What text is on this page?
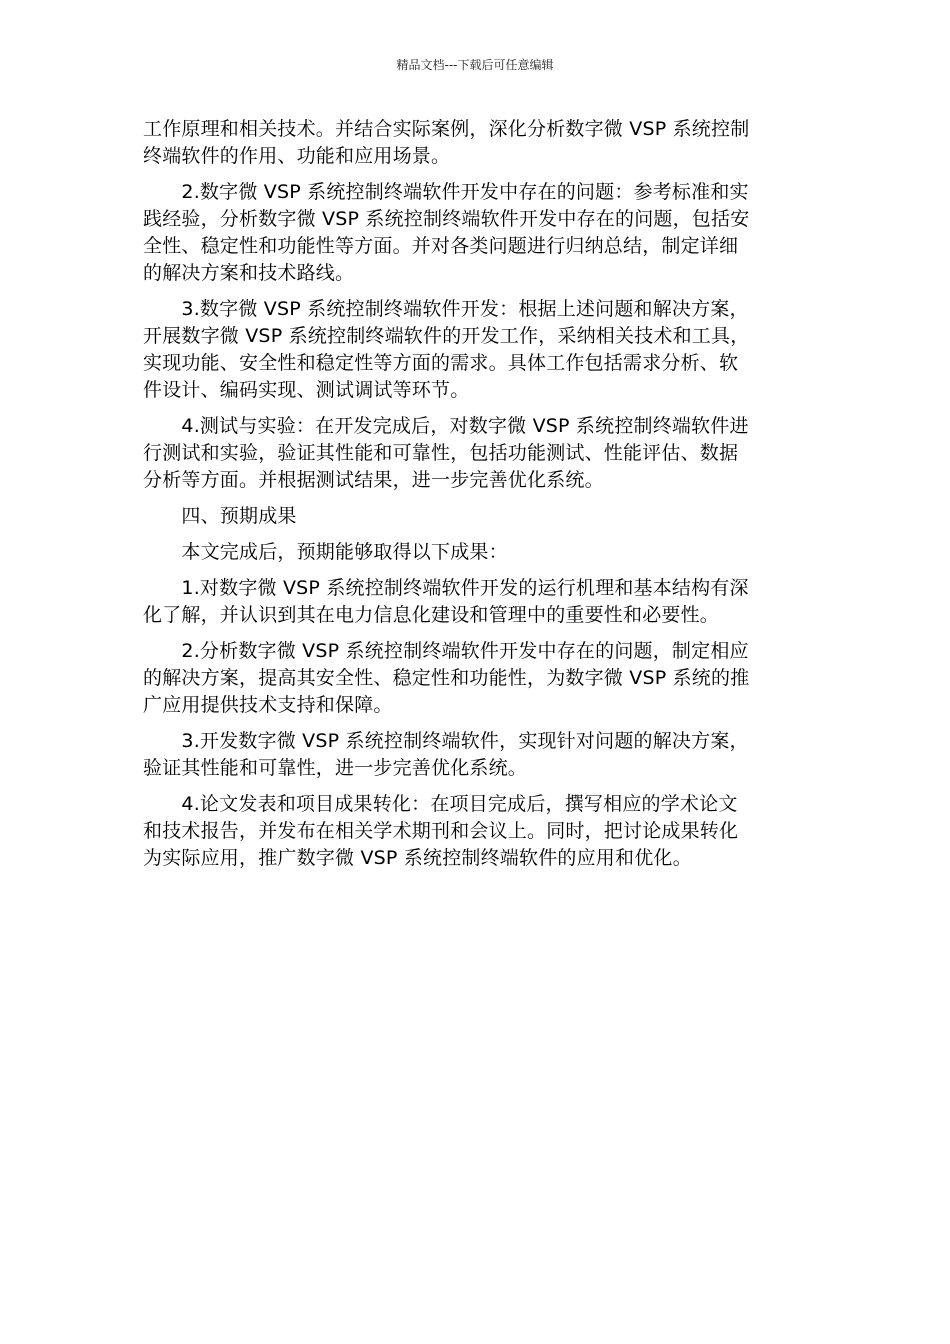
精品文档---下载后可任意编辑

工作原理和相关技术。并结合实际案例，深化分析数字微 VSP 系统控制
终端软件的作用、功能和应用场景。

　　2.数字微 VSP 系统控制终端软件开发中存在的问题：参考标准和实
践经验，分析数字微 VSP 系统控制终端软件开发中存在的问题，包括安
全性、稳定性和功能性等方面。并对各类问题进行归纳总结，制定详细
的解决方案和技术路线。

　　3.数字微 VSP 系统控制终端软件开发：根据上述问题和解决方案，
开展数字微 VSP 系统控制终端软件的开发工作，采纳相关技术和工具，
实现功能、安全性和稳定性等方面的需求。具体工作包括需求分析、软
件设计、编码实现、测试调试等环节。

　　4.测试与实验：在开发完成后，对数字微 VSP 系统控制终端软件进
行测试和实验，验证其性能和可靠性，包括功能测试、性能评估、数据
分析等方面。并根据测试结果，进一步完善优化系统。

　　四、预期成果

　　本文完成后，预期能够取得以下成果：

　　1.对数字微 VSP 系统控制终端软件开发的运行机理和基本结构有深
化了解，并认识到其在电力信息化建设和管理中的重要性和必要性。

　　2.分析数字微 VSP 系统控制终端软件开发中存在的问题，制定相应
的解决方案，提高其安全性、稳定性和功能性，为数字微 VSP 系统的推
广应用提供技术支持和保障。

　　3.开发数字微 VSP 系统控制终端软件，实现针对问题的解决方案，
验证其性能和可靠性，进一步完善优化系统。

　　4.论文发表和项目成果转化：在项目完成后，撰写相应的学术论文
和技术报告，并发布在相关学术期刊和会议上。同时，把讨论成果转化
为实际应用，推广数字微 VSP 系统控制终端软件的应用和优化。
